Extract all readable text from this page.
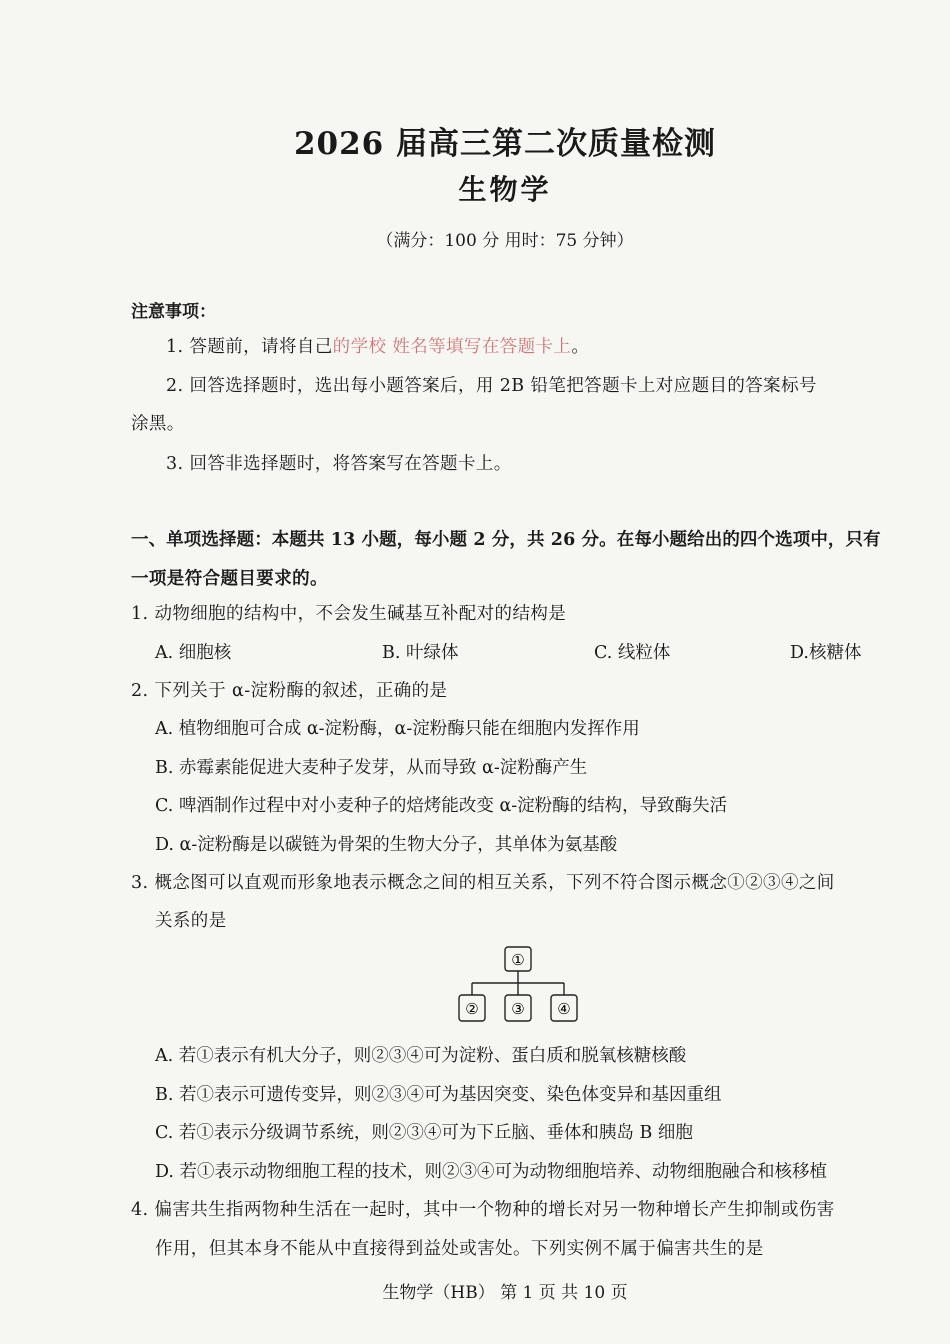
2026 届高三第二次质量检测
生物学
（满分：100 分 用时：75 分钟）
注意事项：
1. 答题前，请将自己的学校 姓名等填写在答题卡上。
2. 回答选择题时，选出每小题答案后，用 2B 铅笔把答题卡上对应题目的答案标号
涂黑。
3. 回答非选择题时，将答案写在答题卡上。
一、单项选择题：本题共 13 小题，每小题 2 分，共 26 分。在每小题给出的四个选项中，只有
一项是符合题目要求的。
1. 动物细胞的结构中，不会发生碱基互补配对的结构是
A. 细胞核	B. 叶绿体	C. 线粒体	D.核糖体
2. 下列关于 α-淀粉酶的叙述，正确的是
A. 植物细胞可合成 α-淀粉酶，α-淀粉酶只能在细胞内发挥作用
B. 赤霉素能促进大麦种子发芽，从而导致 α-淀粉酶产生
C. 啤酒制作过程中对小麦种子的焙烤能改变 α-淀粉酶的结构，导致酶失活
D. α-淀粉酶是以碳链为骨架的生物大分子，其单体为氨基酸
3. 概念图可以直观而形象地表示概念之间的相互关系，下列不符合图示概念①②③④之间
关系的是
①
② ③ ④
A. 若①表示有机大分子，则②③④可为淀粉、蛋白质和脱氧核糖核酸
B. 若①表示可遗传变异，则②③④可为基因突变、染色体变异和基因重组
C. 若①表示分级调节系统，则②③④可为下丘脑、垂体和胰岛 B 细胞
D. 若①表示动物细胞工程的技术，则②③④可为动物细胞培养、动物细胞融合和核移植
4. 偏害共生指两物种生活在一起时，其中一个物种的增长对另一物种增长产生抑制或伤害
作用，但其本身不能从中直接得到益处或害处。下列实例不属于偏害共生的是
生物学（HB） 第 1 页 共 10 页
